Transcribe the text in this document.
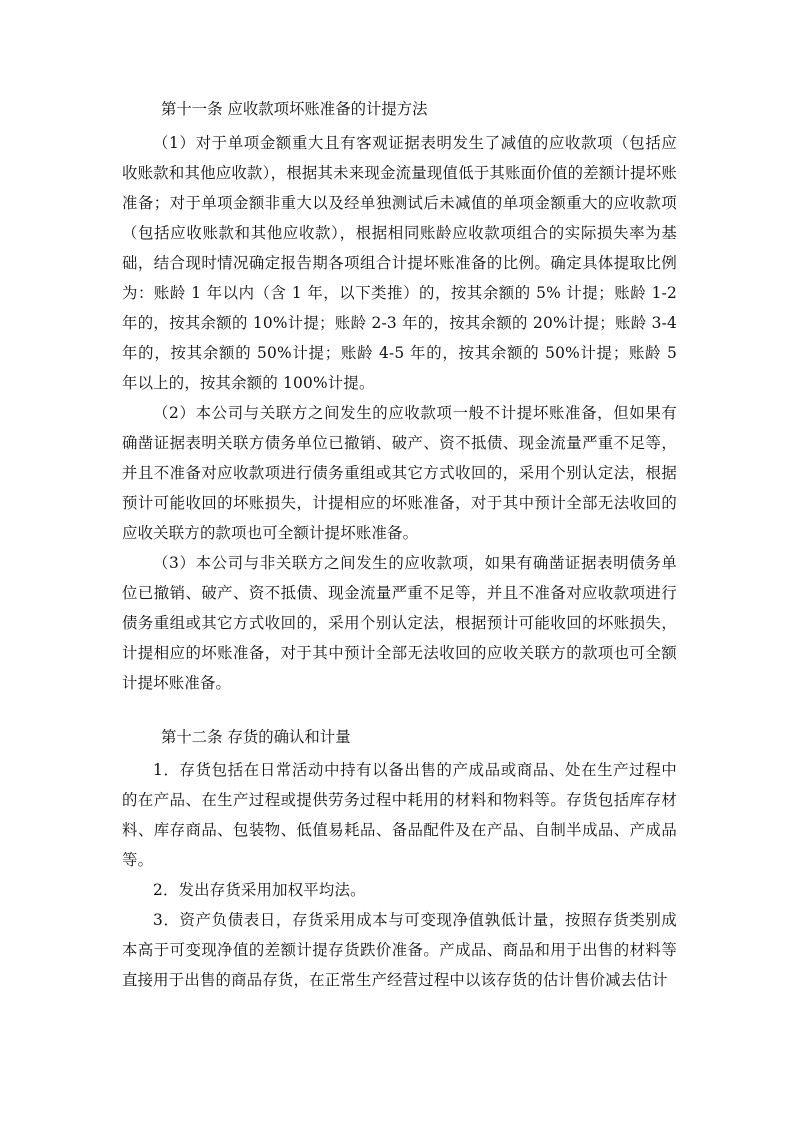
第十一条 应收款项坏账准备的计提方法

（1）对于单项金额重大且有客观证据表明发生了减值的应收款项（包括应收账款和其他应收款），根据其未来现金流量现值低于其账面价值的差额计提坏账准备；对于单项金额非重大以及经单独测试后未减值的单项金额重大的应收款项（包括应收账款和其他应收款），根据相同账龄应收款项组合的实际损失率为基础，结合现时情况确定报告期各项组合计提坏账准备的比例。确定具体提取比例为：账龄 1 年以内（含 1 年，以下类推）的，按其余额的 5% 计提；账龄 1-2 年的，按其余额的 10%计提；账龄 2-3 年的，按其余额的 20%计提；账龄 3-4 年的，按其余额的 50%计提；账龄 4-5 年的，按其余额的 50%计提；账龄 5 年以上的，按其余额的 100%计提。

（2）本公司与关联方之间发生的应收款项一般不计提坏账准备，但如果有确凿证据表明关联方债务单位已撤销、破产、资不抵债、现金流量严重不足等，并且不准备对应收款项进行债务重组或其它方式收回的，采用个别认定法，根据预计可能收回的坏账损失，计提相应的坏账准备，对于其中预计全部无法收回的应收关联方的款项也可全额计提坏账准备。

（3）本公司与非关联方之间发生的应收款项，如果有确凿证据表明债务单位已撤销、破产、资不抵债、现金流量严重不足等，并且不准备对应收款项进行债务重组或其它方式收回的，采用个别认定法，根据预计可能收回的坏账损失，计提相应的坏账准备，对于其中预计全部无法收回的应收关联方的款项也可全额计提坏账准备。

第十二条 存货的确认和计量

1．存货包括在日常活动中持有以备出售的产成品或商品、处在生产过程中的在产品、在生产过程或提供劳务过程中耗用的材料和物料等。存货包括库存材料、库存商品、包装物、低值易耗品、备品配件及在产品、自制半成品、产成品等。

2．发出存货采用加权平均法。

3．资产负债表日，存货采用成本与可变现净值孰低计量，按照存货类别成本高于可变现净值的差额计提存货跌价准备。产成品、商品和用于出售的材料等直接用于出售的商品存货，在正常生产经营过程中以该存货的估计售价减去估计
